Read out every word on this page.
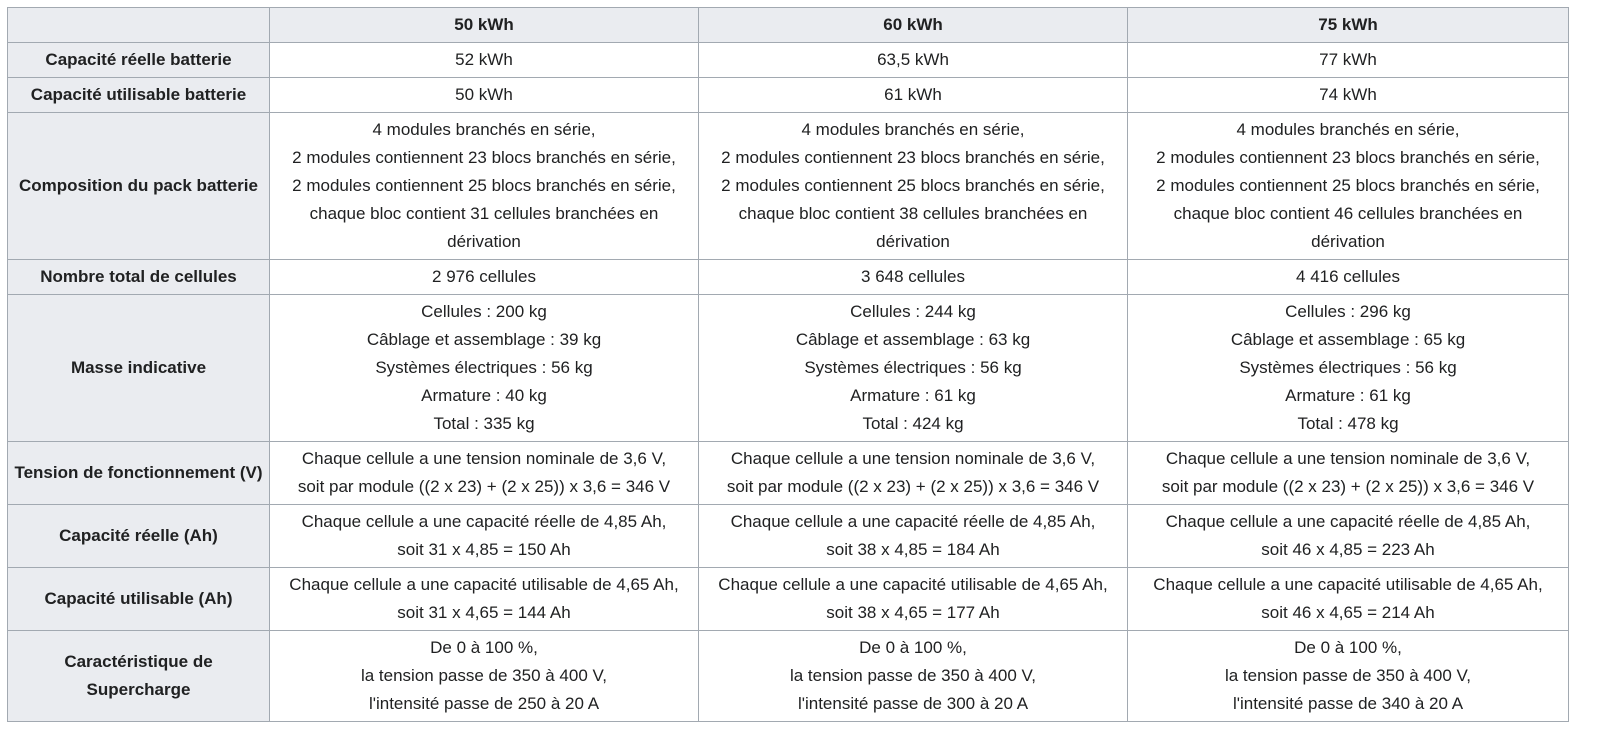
	50 kWh	60 kWh	75 kWh
Capacité réelle batterie	52 kWh	63,5 kWh	77 kWh

Capacité utilisable batterie	50 kWh	61 kWh	74 kWh

Composition du pack batterie	4 modules branchés en série,
2 modules contiennent 23 blocs branchés en série,
2 modules contiennent 25 blocs branchés en série,
chaque bloc contient 31 cellules branchées en
dérivation	4 modules branchés en série,
2 modules contiennent 23 blocs branchés en série,
2 modules contiennent 25 blocs branchés en série,
chaque bloc contient 38 cellules branchées en
dérivation	4 modules branchés en série,
2 modules contiennent 23 blocs branchés en série,
2 modules contiennent 25 blocs branchés en série,
chaque bloc contient 46 cellules branchées en
dérivation

Nombre total de cellules	2 976 cellules	3 648 cellules	4 416 cellules

Masse indicative	Cellules : 200 kg
Câblage et assemblage : 39 kg
Systèmes électriques : 56 kg
Armature : 40 kg
Total : 335 kg	Cellules : 244 kg
Câblage et assemblage : 63 kg
Systèmes électriques : 56 kg
Armature : 61 kg
Total : 424 kg	Cellules : 296 kg
Câblage et assemblage : 65 kg
Systèmes électriques : 56 kg
Armature : 61 kg
Total : 478 kg

Tension de fonctionnement (V)	Chaque cellule a une tension nominale de 3,6 V,
soit par module ((2 x 23) + (2 x 25)) x 3,6 = 346 V	Chaque cellule a une tension nominale de 3,6 V,
soit par module ((2 x 23) + (2 x 25)) x 3,6 = 346 V	Chaque cellule a une tension nominale de 3,6 V,
soit par module ((2 x 23) + (2 x 25)) x 3,6 = 346 V

Capacité réelle (Ah)	Chaque cellule a une capacité réelle de 4,85 Ah,
soit 31 x 4,85 = 150 Ah	Chaque cellule a une capacité réelle de 4,85 Ah,
soit 38 x 4,85 = 184 Ah	Chaque cellule a une capacité réelle de 4,85 Ah,
soit 46 x 4,85 = 223 Ah

Capacité utilisable (Ah)	Chaque cellule a une capacité utilisable de 4,65 Ah,
soit 31 x 4,65 = 144 Ah	Chaque cellule a une capacité utilisable de 4,65 Ah,
soit 38 x 4,65 = 177 Ah	Chaque cellule a une capacité utilisable de 4,65 Ah,
soit 46 x 4,65 = 214 Ah

Caractéristique de Supercharge	De 0 à 100 %,
la tension passe de 350 à 400 V,
l'intensité passe de 250 à 20 A	De 0 à 100 %,
la tension passe de 350 à 400 V,
l'intensité passe de 300 à 20 A	De 0 à 100 %,
la tension passe de 350 à 400 V,
l'intensité passe de 340 à 20 A
